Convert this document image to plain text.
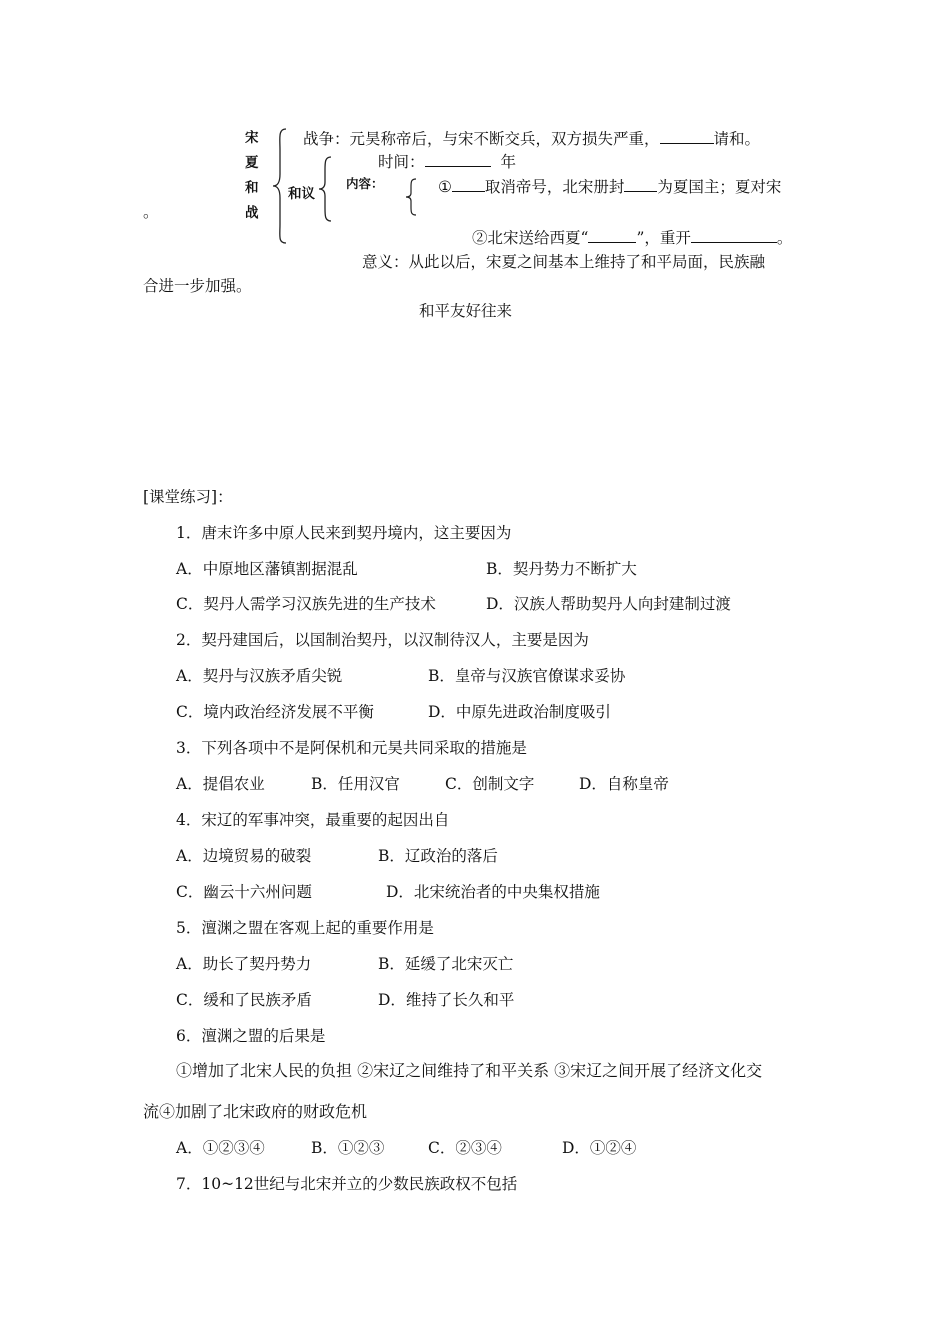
宋
夏
和
战
战争：元昊称帝后，与宋不断交兵，双方损失严重，	请和。
和议
时间：	年
内容：	① 取消帝号，北宋册封 为夏国主；夏对宋
。
②北宋送给西夏“	”，重开	。
意义：从此以后，宋夏之间基本上维持了和平局面，民族融
合进一步加强。
和平友好往来
[课堂练习]：
1．唐末许多中原人民来到契丹境内，这主要因为
A．中原地区藩镇割据混乱	B．契丹势力不断扩大
C．契丹人需学习汉族先进的生产技术	D．汉族人帮助契丹人向封建制过渡
2．契丹建国后，以国制治契丹，以汉制待汉人，主要是因为
A．契丹与汉族矛盾尖锐	B．皇帝与汉族官僚谋求妥协
C．境内政治经济发展不平衡	D．中原先进政治制度吸引
3．下列各项中不是阿保机和元昊共同采取的措施是
A．提倡农业	B．任用汉官	C．创制文字	D．自称皇帝
4．宋辽的军事冲突，最重要的起因出自
A．边境贸易的破裂	B．辽政治的落后
C．幽云十六州问题	D．北宋统治者的中央集权措施
5．澶渊之盟在客观上起的重要作用是
A．助长了契丹势力	B．延缓了北宋灭亡
C．缓和了民族矛盾	D．维持了长久和平
6．澶渊之盟的后果是
①增加了北宋人民的负担 ②宋辽之间维持了和平关系 ③宋辽之间开展了经济文化交
流④加剧了北宋政府的财政危机
A．①②③④	B．①②③	C．②③④	D．①②④
7．10~12世纪与北宋并立的少数民族政权不包括
